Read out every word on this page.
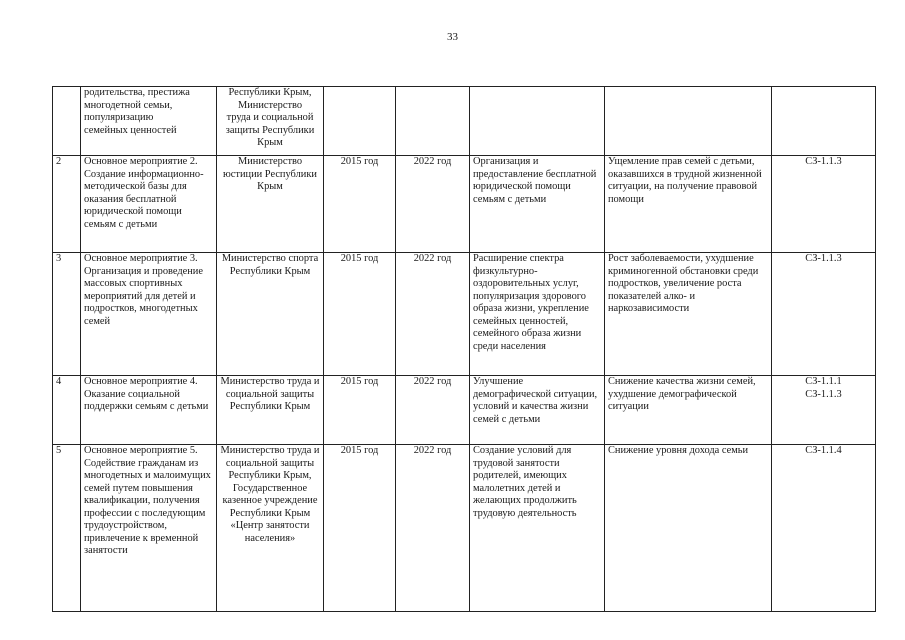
33

	родительства, престижа
многодетной семьи,
популяризацию
семейных ценностей	Республики Крым,
Министерство
труда и социальной
защиты Республики
Крым					

2	Основное мероприятие 2. Создание информационно-методической базы для оказания бесплатной юридической помощи семьям с детьми	Министерство юстиции Республики Крым	2015 год	2022 год	Организация и предоставление бесплатной юридической помощи семьям с детьми	Ущемление прав семей с детьми, оказавшихся в трудной жизненной ситуации, на получение правовой помощи	СЗ-1.1.3

3	Основное мероприятие 3. Организация и проведение массовых спортивных мероприятий для детей и подростков, многодетных семей	Министерство спорта Республики Крым	2015 год	2022 год	Расширение спектра физкультурно-оздоровительных услуг, популяризация здорового образа жизни, укрепление семейных ценностей, семейного образа жизни среди населения	Рост заболеваемости, ухудшение криминогенной обстановки среди подростков, увеличение роста показателей алко- и наркозависимости	СЗ-1.1.3

4	Основное мероприятие 4. Оказание социальной поддержки семьям с детьми	Министерство труда и социальной защиты Республики Крым	2015 год	2022 год	Улучшение демографической ситуации, условий и качества жизни семей с детьми	Снижение качества жизни семей, ухудшение демографической ситуации	СЗ-1.1.1
СЗ-1.1.3

5	Основное мероприятие 5. Содействие гражданам из многодетных и малоимущих семей путем повышения квалификации, получения профессии с последующим трудоустройством, привлечение к временной занятости	Министерство труда и социальной защиты Республики Крым, Государственное казенное учреждение Республики Крым «Центр занятости населения»	2015 год	2022 год	Создание условий для трудовой занятости родителей, имеющих малолетних детей и желающих продолжить трудовую деятельность	Снижение уровня дохода семьи	СЗ-1.1.4
